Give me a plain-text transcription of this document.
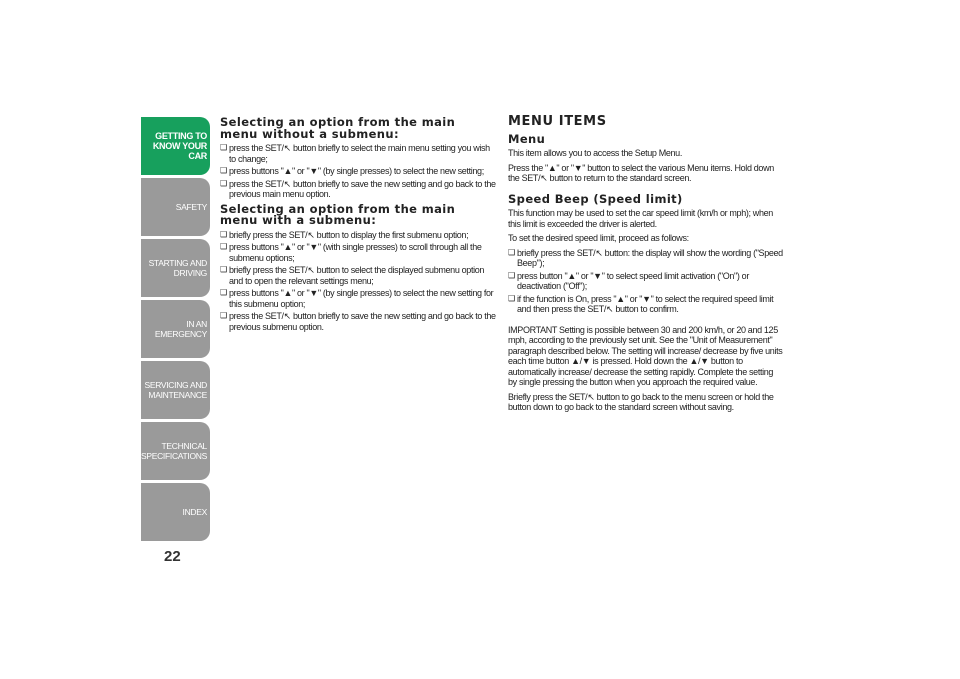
GETTING TO
KNOW YOUR CAR
SAFETY
STARTING AND
DRIVING
IN AN EMERGENCY
SERVICING AND
MAINTENANCE
TECHNICAL
SPECIFICATIONS
INDEX
22
Selecting an option from the main menu without a submenu:
❑ press the SET/↖ button briefly to select the main menu setting you wish to change;
❑ press buttons "▲" or "▼" (by single presses) to select the new setting;
❑ press the SET/↖ button briefly to save the new setting and go back to the previous main menu option.
Selecting an option from the main menu with a submenu:
❑ briefly press the SET/↖ button to display the first submenu option;
❑ press buttons "▲" or "▼" (with single presses) to scroll through all the submenu options;
❑ briefly press the SET/↖ button to select the displayed submenu option and to open the relevant settings menu;
❑ press buttons "▲" or "▼" (by single presses) to select the new setting for this submenu option;
❑ press the SET/↖ button briefly to save the new setting and go back to the previous submenu option.
MENU ITEMS
Menu

This item allows you to access the Setup Menu.

Press the "▲" or "▼" button to select the various Menu items. Hold down the SET/↖ button to return to the standard screen.

Speed Beep (Speed limit)

This function may be used to set the car speed limit (km/h or mph); when this limit is exceeded the driver is alerted.

To set the desired speed limit, proceed as follows:

❑ briefly press the SET/↖ button: the display will show the wording ("Speed Beep");
❑ press button "▲" or "▼" to select speed limit activation ("On") or deactivation ("Off");
❑ if the function is On, press "▲" or "▼" to select the required speed limit and then press the SET/↖ button to confirm.

IMPORTANT Setting is possible between 30 and 200 km/h, or 20 and 125 mph, according to the previously set unit. See the "Unit of Measurement" paragraph described below. The setting will increase/ decrease by five units each time button ▲/▼ is pressed. Hold down the ▲/▼ button to automatically increase/ decrease the setting rapidly. Complete the setting by single pressing the button when you approach the required value.

Briefly press the SET/↖ button to go back to the menu screen or hold the button down to go back to the standard screen without saving.
